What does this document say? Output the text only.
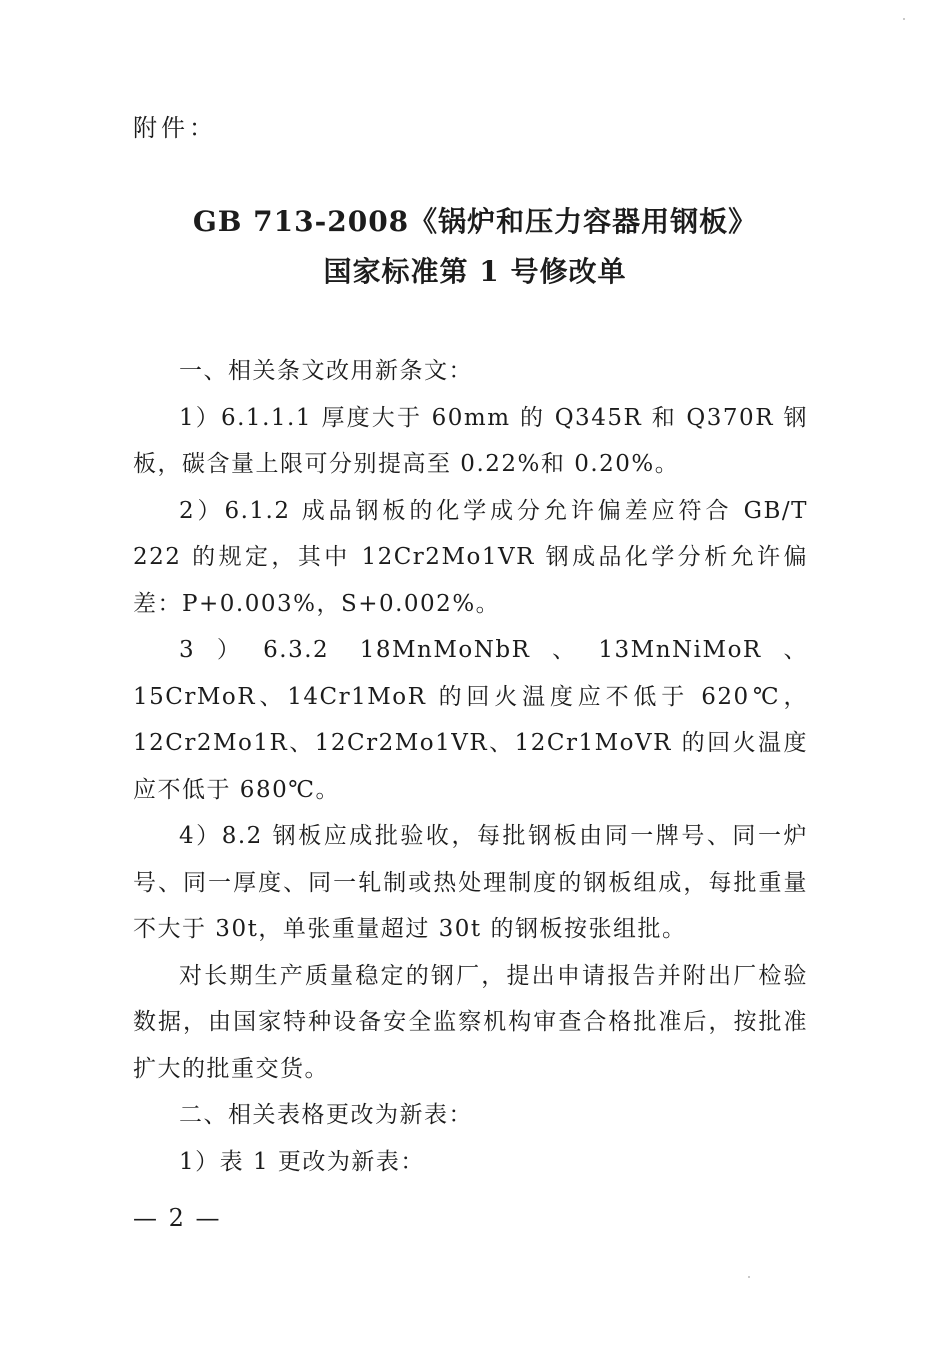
附件：
GB 713-2008《锅炉和压力容器用钢板》
国家标准第 1 号修改单

一、相关条文改用新条文：

1）6.1.1.1 厚度大于 60mm 的 Q345R 和 Q370R 钢板，碳含量上限可分别提高至 0.22%和 0.20%。

2）6.1.2 成品钢板的化学成分允许偏差应符合 GB/T 222 的规定，其中 12Cr2Mo1VR 钢成品化学分析允许偏差：P+0.003%，S+0.002%。

3）6.3.2 18MnMoNbR、13MnNiMoR、15CrMoR、14Cr1MoR 的回火温度应不低于 620℃，12Cr2Mo1R、12Cr2Mo1VR、12Cr1MoVR 的回火温度应不低于 680℃。

4）8.2 钢板应成批验收，每批钢板由同一牌号、同一炉号、同一厚度、同一轧制或热处理制度的钢板组成，每批重量不大于 30t，单张重量超过 30t 的钢板按张组批。

对长期生产质量稳定的钢厂，提出申请报告并附出厂检验数据，由国家特种设备安全监察机构审查合格批准后，按批准扩大的批重交货。

二、相关表格更改为新表：

1）表 1 更改为新表：

— 2 —
